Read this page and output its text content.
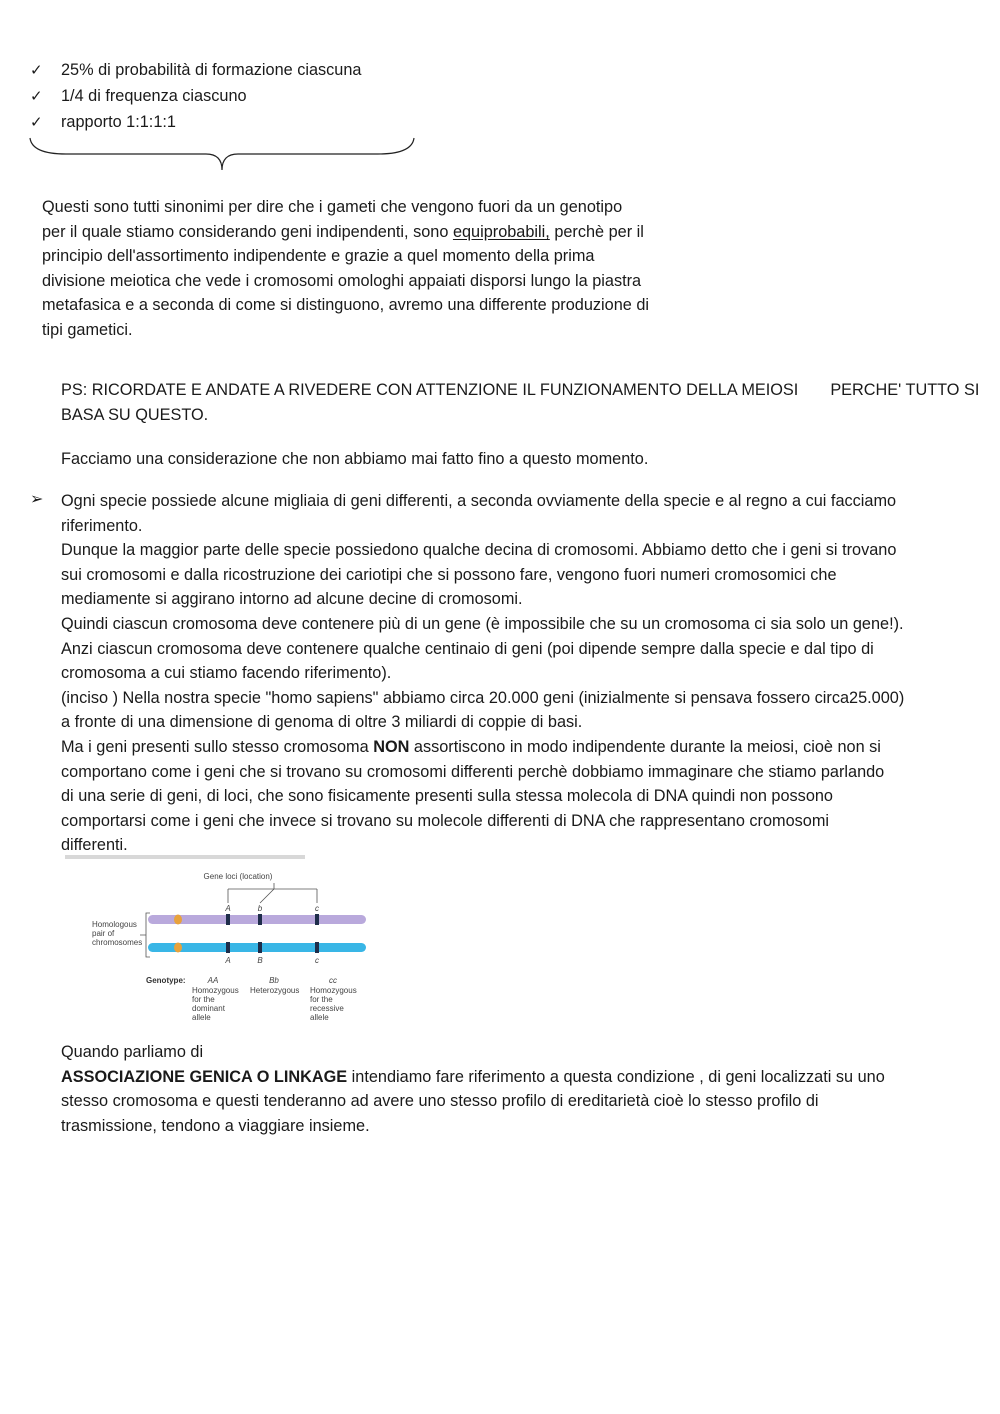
✓ 25% di probabilità di formazione ciascuna
✓ 1/4 di frequenza ciascuno
✓ rapporto 1:1:1:1
Questi sono tutti sinonimi per dire che i gameti che vengono fuori da un genotipo
per il quale stiamo considerando geni indipendenti, sono equiprobabili, perchè per il
principio dell'assortimento indipendente e grazie a quel momento della prima
divisione meiotica che vede i cromosomi omologhi appaiati disporsi lungo la piastra
metafasica e a seconda di come si distinguono, avremo una differente produzione di
tipi gametici.
PS: RICORDATE E ANDATE A RIVEDERE CON ATTENZIONE IL FUNZIONAMENTO DELLA MEIOSI PERCHE' TUTTO SI
BASA SU QUESTO.
Facciamo una considerazione che non abbiamo mai fatto fino a questo momento.
➢ Ogni specie possiede alcune migliaia di geni differenti, a seconda ovviamente della specie e al regno a cui facciamo
riferimento.
Dunque la maggior parte delle specie possiedono qualche decina di cromosomi. Abbiamo detto che i geni si trovano
sui cromosomi e dalla ricostruzione dei cariotipi che si possono fare, vengono fuori numeri cromosomici che
mediamente si aggirano intorno ad alcune decine di cromosomi.
Quindi ciascun cromosoma deve contenere più di un gene (è impossibile che su un cromosoma ci sia solo un gene!).
Anzi ciascun cromosoma deve contenere qualche centinaio di geni (poi dipende sempre dalla specie e dal tipo di
cromosoma a cui stiamo facendo riferimento).
(inciso ) Nella nostra specie "homo sapiens" abbiamo circa 20.000 geni (inizialmente si pensava fossero circa25.000)
a fronte di una dimensione di genoma di oltre 3 miliardi di coppie di basi.
Ma i geni presenti sullo stesso cromosoma NON assortiscono in modo indipendente durante la meiosi, cioè non si
comportano come i geni che si trovano su cromosomi differenti perchè dobbiamo immaginare che stiamo parlando
di una serie di geni, di loci, che sono fisicamente presenti sulla stessa molecola di DNA quindi non possono
comportarsi come i geni che invece si trovano su molecole differenti di DNA che rappresentano cromosomi
differenti.
Gene loci (location)
A	b	c
Homologous
pair of
chromosomes
A	B	c
Genotype:	AA	Bb	cc
Homozygous
for the
dominant
allele
Heterozygous Homozygous
for the
recessive
allele
Quando parliamo di
ASSOCIAZIONE GENICA O LINKAGE intendiamo fare riferimento a questa condizione , di geni localizzati su uno
stesso cromosoma e questi tenderanno ad avere uno stesso profilo di ereditarietà cioè lo stesso profilo di
trasmissione, tendono a viaggiare insieme.
